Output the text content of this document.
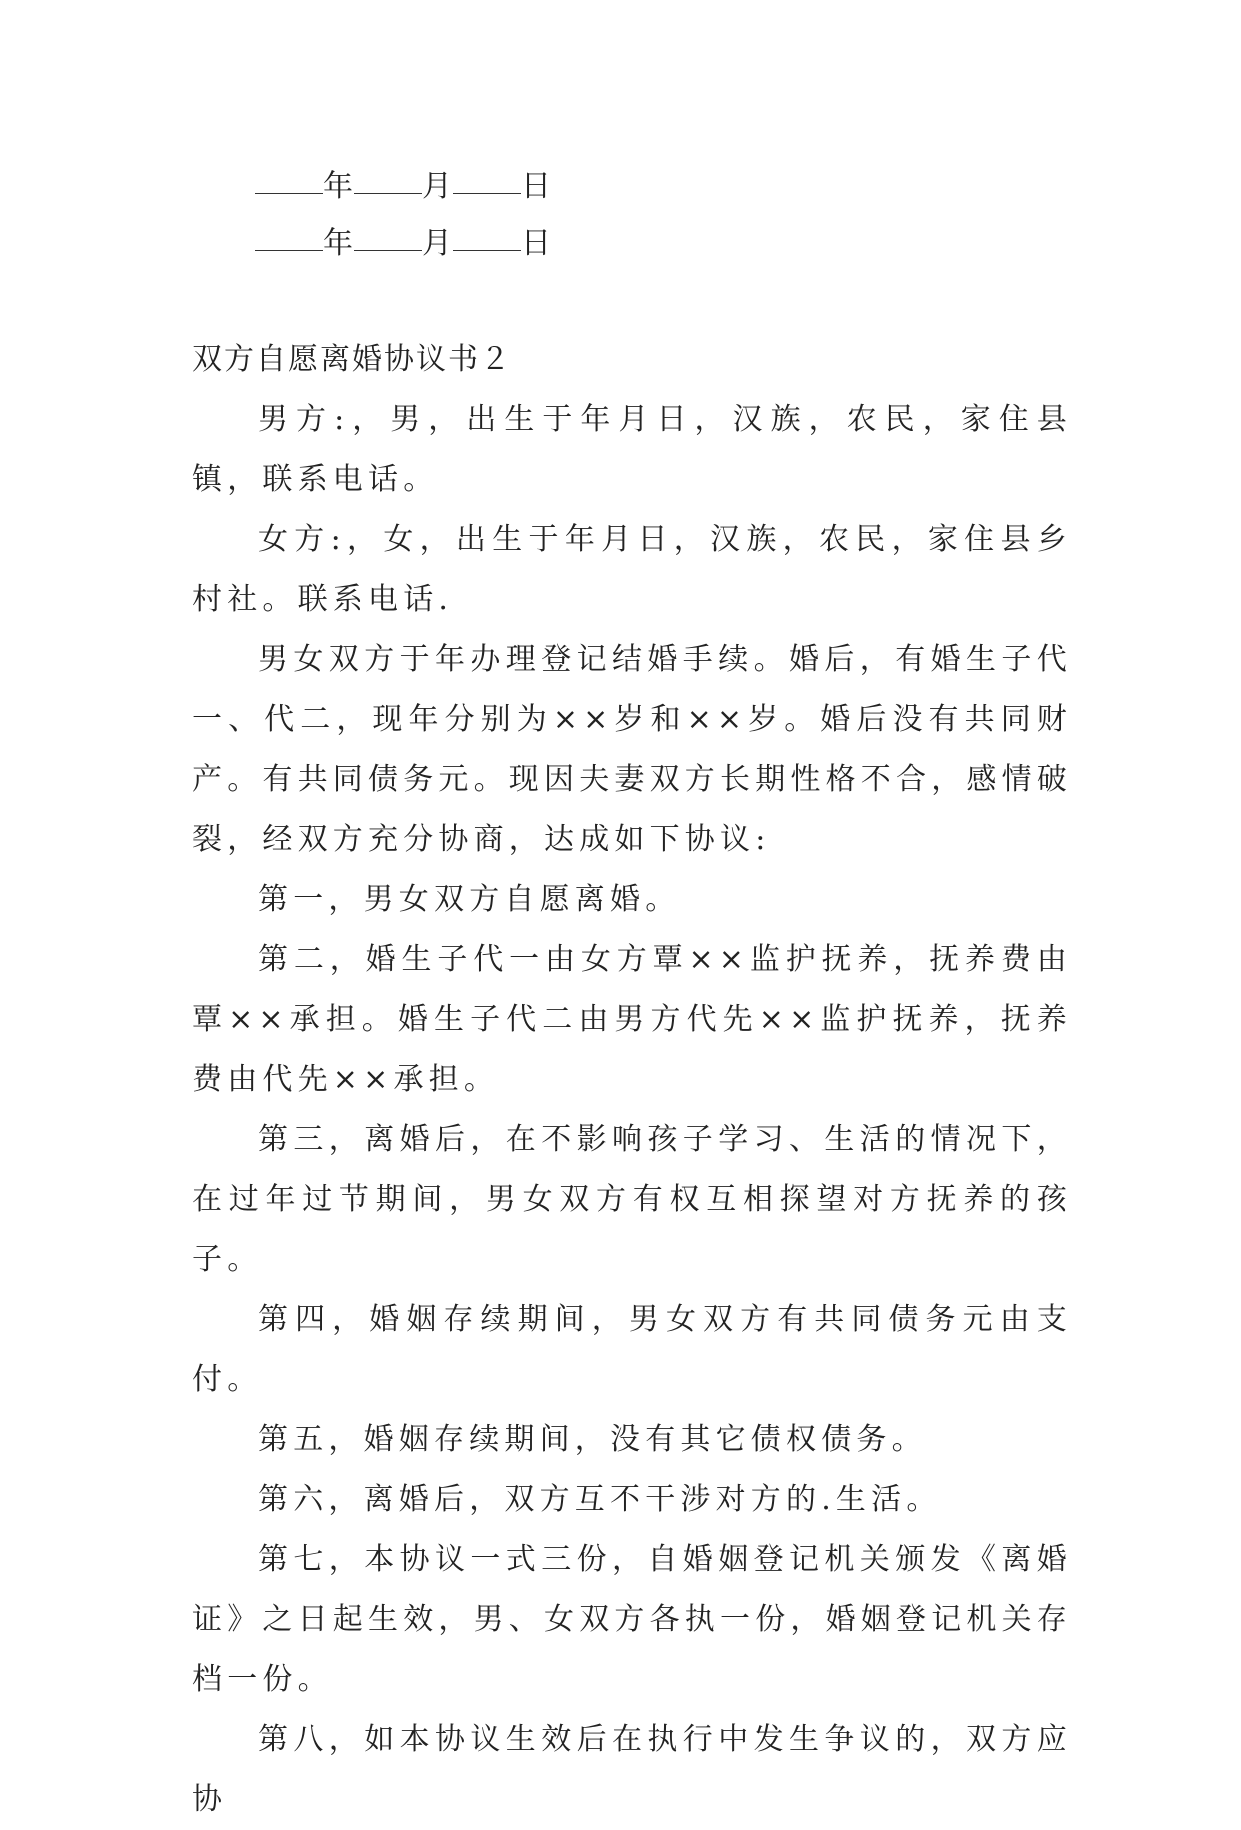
年 月 日
年 月 日
双方自愿离婚协议书２

男方:，男，出生于年月日，汉族，农民，家住县镇，联系电话。

女方:，女，出生于年月日，汉族，农民，家住县乡村社。联系电话.

男女双方于年办理登记结婚手续。婚后，有婚生子代一、代二，现年分别为××岁和××岁。婚后没有共同财产。有共同债务元。现因夫妻双方长期性格不合，感情破裂，经双方充分协商，达成如下协议:

第一，男女双方自愿离婚。

第二，婚生子代一由女方覃××监护抚养，抚养费由覃××承担。婚生子代二由男方代先××监护抚养，抚养费由代先××承担。

第三，离婚后，在不影响孩子学习、生活的情况下，在过年过节期间，男女双方有权互相探望对方抚养的孩子。

第四，婚姻存续期间，男女双方有共同债务元由支付。

第五，婚姻存续期间，没有其它债权债务。

第六，离婚后，双方互不干涉对方的.生活。

第七，本协议一式三份，自婚姻登记机关颁发《离婚证》之日起生效，男、女双方各执一份，婚姻登记机关存档一份。

第八，如本协议生效后在执行中发生争议的，双方应协
